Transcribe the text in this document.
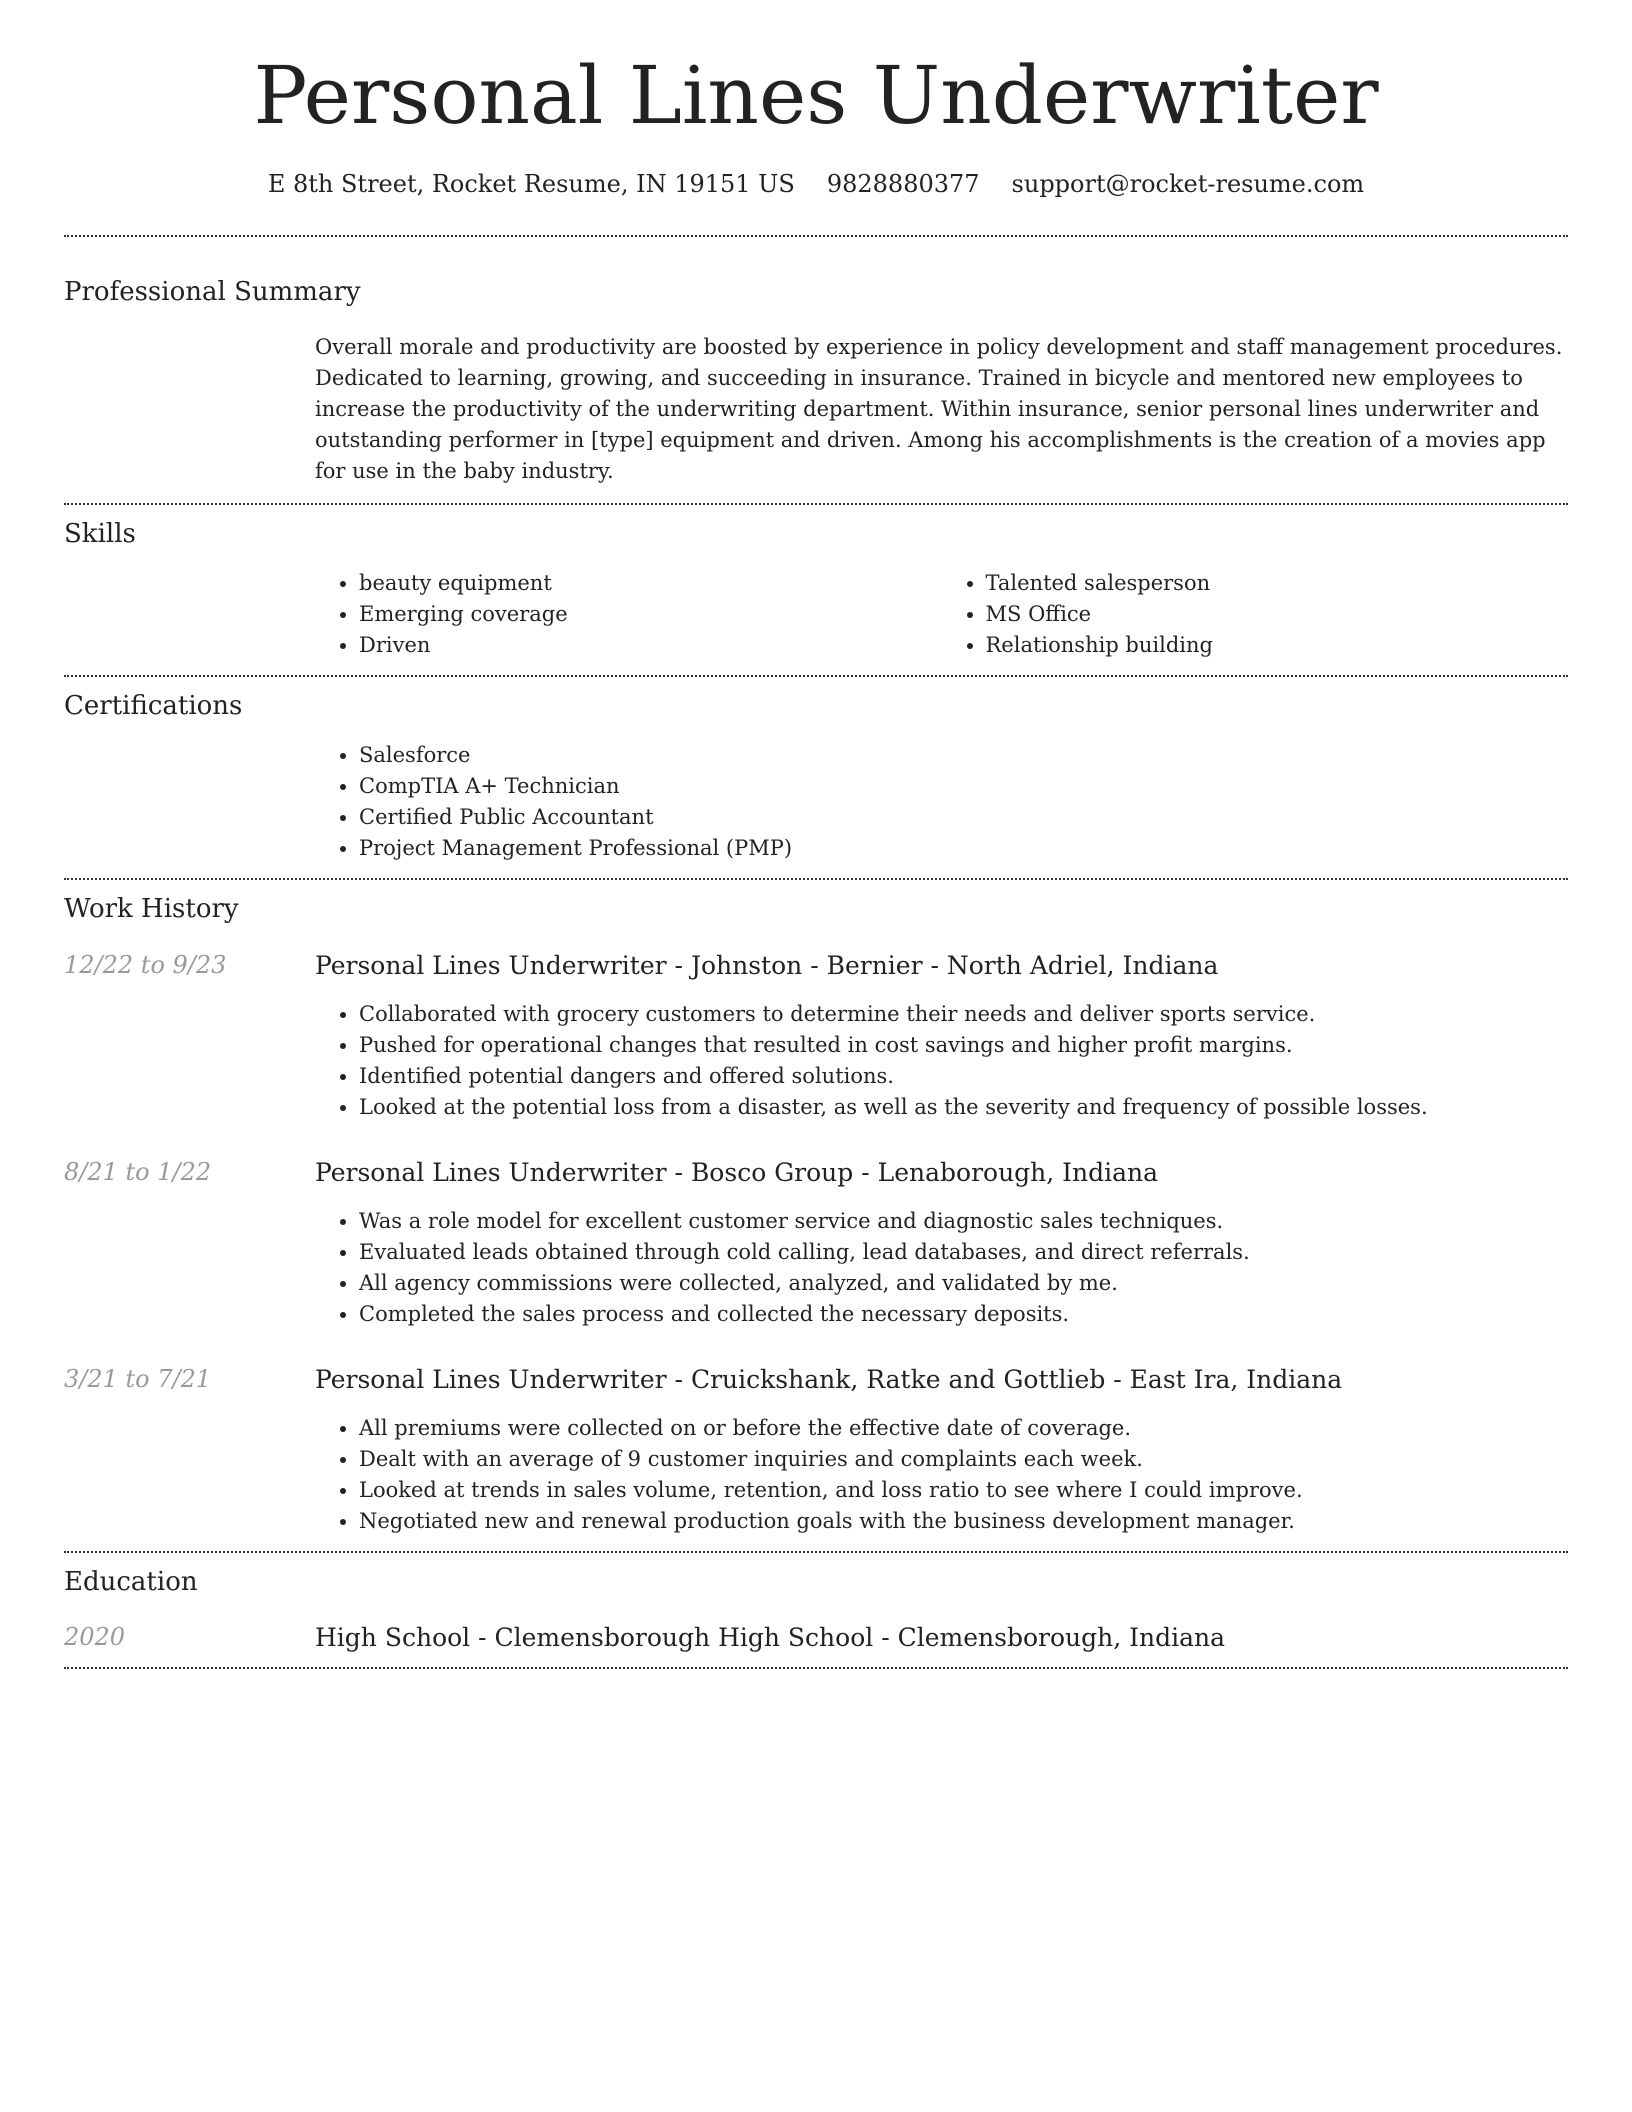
Personal Lines Underwriter
E 8th Street, Rocket Resume, IN 19151 US 9828880377 support@rocket-resume.com
Professional Summary

Overall morale and productivity are boosted by experience in policy development and staff management procedures. Dedicated to learning, growing, and succeeding in insurance. Trained in bicycle and mentored new employees to increase the productivity of the underwriting department. Within insurance, senior personal lines underwriter and outstanding performer in [type] equipment and driven. Among his accomplishments is the creation of a movies app for use in the baby industry.

Skills
• beauty equipment
• Emerging coverage
• Driven
• Talented salesperson
• MS Office
• Relationship building
Certifications
• Salesforce
• CompTIA A+ Technician
• Certified Public Accountant
• Project Management Professional (PMP)
Work History
12/22 to 9/23	Personal Lines Underwriter - Johnston - Bernier - North Adriel, Indiana
• Collaborated with grocery customers to determine their needs and deliver sports service.
• Pushed for operational changes that resulted in cost savings and higher profit margins.
• Identified potential dangers and offered solutions.
• Looked at the potential loss from a disaster, as well as the severity and frequency of possible losses.
8/21 to 1/22	Personal Lines Underwriter - Bosco Group - Lenaborough, Indiana
• Was a role model for excellent customer service and diagnostic sales techniques.
• Evaluated leads obtained through cold calling, lead databases, and direct referrals.
• All agency commissions were collected, analyzed, and validated by me.
• Completed the sales process and collected the necessary deposits.
3/21 to 7/21	Personal Lines Underwriter - Cruickshank, Ratke and Gottlieb - East Ira, Indiana
• All premiums were collected on or before the effective date of coverage.
• Dealt with an average of 9 customer inquiries and complaints each week.
• Looked at trends in sales volume, retention, and loss ratio to see where I could improve.
• Negotiated new and renewal production goals with the business development manager.
Education
2020	High School - Clemensborough High School - Clemensborough, Indiana
